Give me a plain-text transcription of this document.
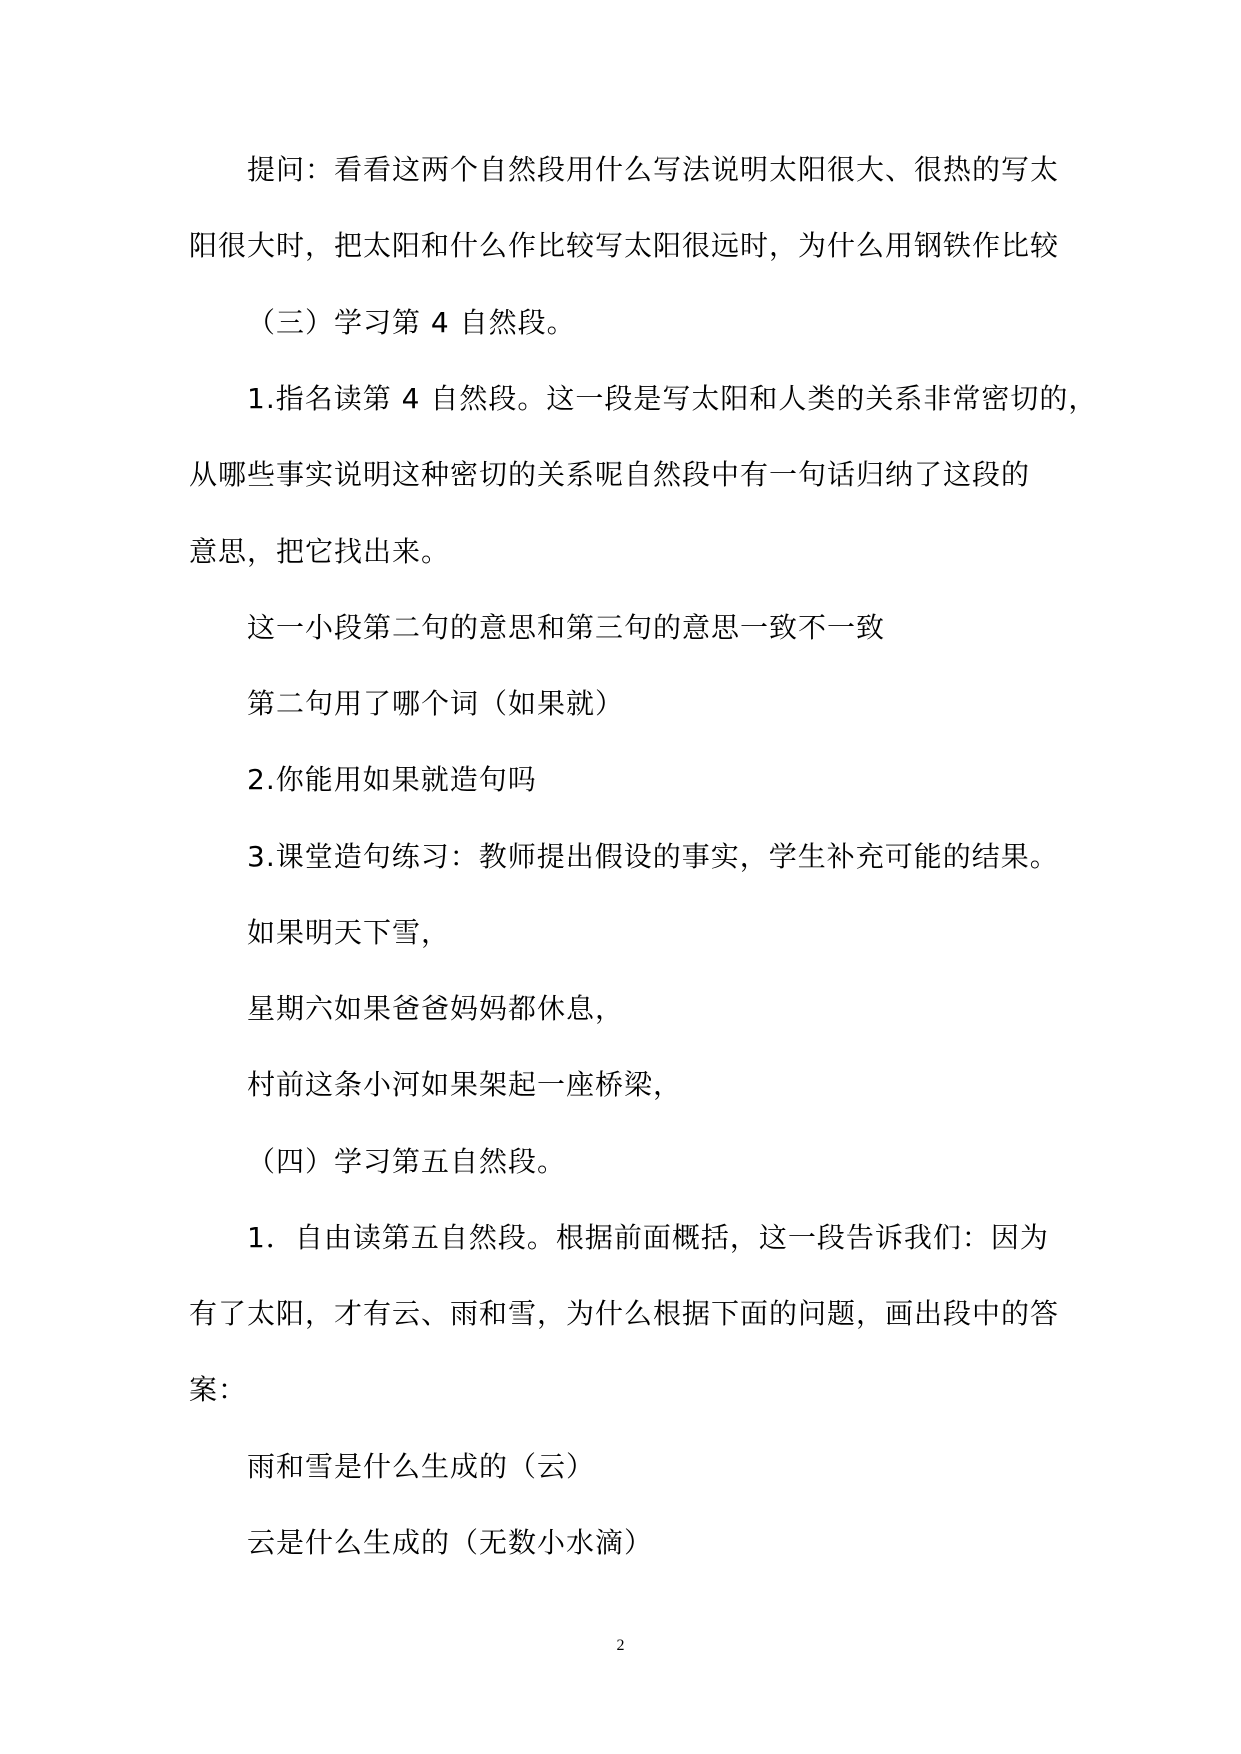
提问：看看这两个自然段用什么写法说明太阳很大、很热的写太
阳很大时，把太阳和什么作比较写太阳很远时，为什么用钢铁作比较
（三）学习第 4 自然段。
1.指名读第 4 自然段。这一段是写太阳和人类的关系非常密切的，
从哪些事实说明这种密切的关系呢自然段中有一句话归纳了这段的
意思，把它找出来。
这一小段第二句的意思和第三句的意思一致不一致
第二句用了哪个词（如果就）
2.你能用如果就造句吗
3.课堂造句练习：教师提出假设的事实，学生补充可能的结果。
如果明天下雪，
星期六如果爸爸妈妈都休息，
村前这条小河如果架起一座桥梁，
（四）学习第五自然段。
1．自由读第五自然段。根据前面概括，这一段告诉我们：因为
有了太阳，才有云、雨和雪，为什么根据下面的问题，画出段中的答
案：
雨和雪是什么生成的（云）
云是什么生成的（无数小水滴）
2
